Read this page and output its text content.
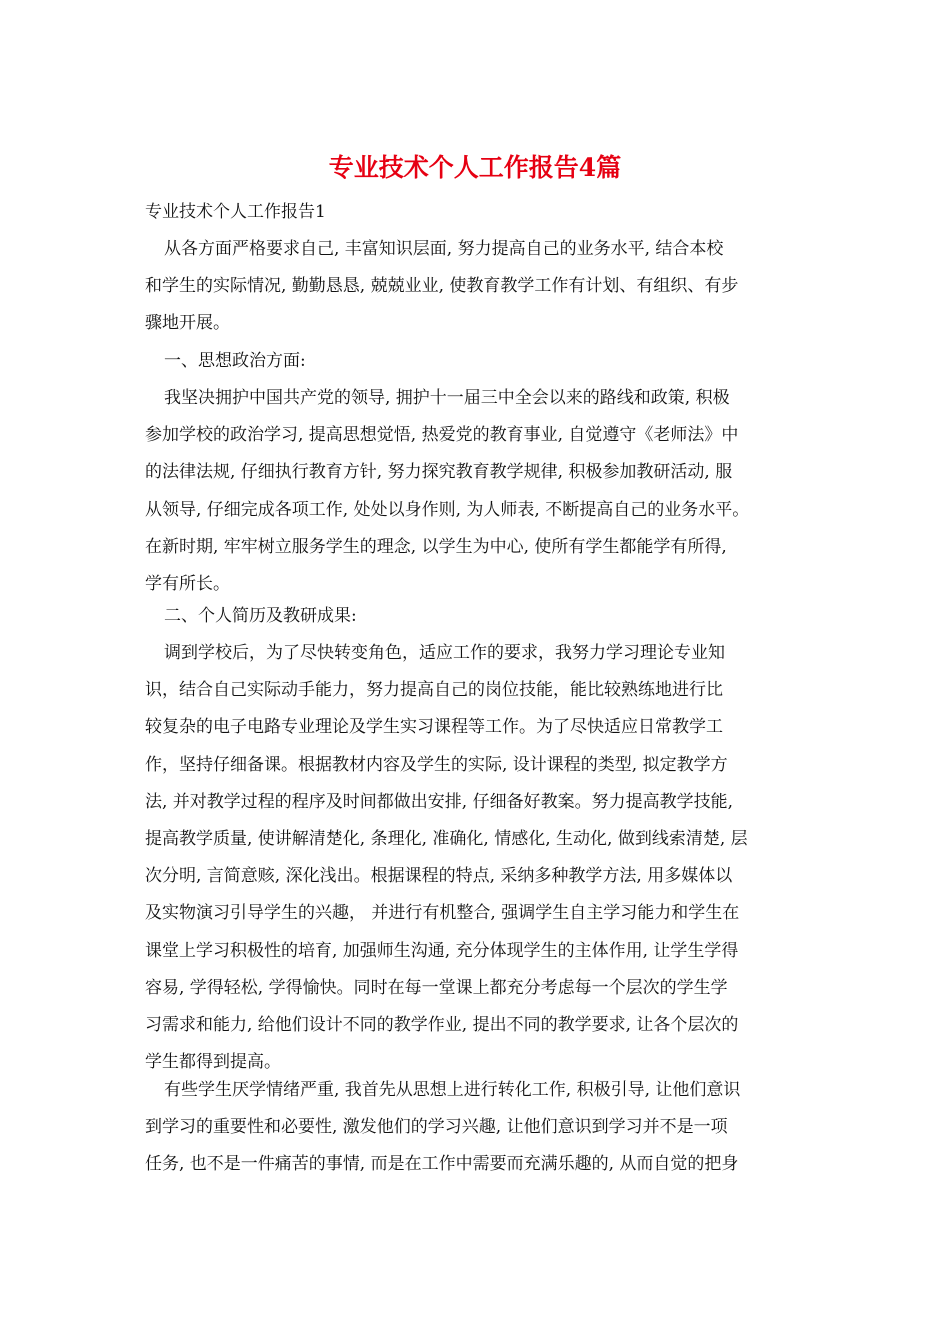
专业技术个人工作报告4篇
专业技术个人工作报告1
从各方面严格要求自己, 丰富知识层面, 努力提高自己的业务水平, 结合本校
和学生的实际情况, 勤勤恳恳, 兢兢业业, 使教育教学工作有计划、有组织、有步
骤地开展。
一、思想政治方面:
我坚决拥护中国共产党的领导, 拥护十一届三中全会以来的路线和政策, 积极
参加学校的政治学习, 提高思想觉悟, 热爱党的教育事业, 自觉遵守《老师法》中
的法律法规, 仔细执行教育方针, 努力探究教育教学规律, 积极参加教研活动, 服
从领导, 仔细完成各项工作, 处处以身作则, 为人师表, 不断提高自己的业务水平。
在新时期, 牢牢树立服务学生的理念, 以学生为中心, 使所有学生都能学有所得,
学有所长。
二、个人简历及教研成果:
调到学校后，为了尽快转变角色，适应工作的要求，我努力学习理论专业知
识，结合自己实际动手能力，努力提高自己的岗位技能，能比较熟练地进行比
较复杂的电子电路专业理论及学生实习课程等工作。为了尽快适应日常教学工
作，坚持仔细备课。根据教材内容及学生的实际, 设计课程的类型, 拟定教学方
法, 并对教学过程的程序及时间都做出安排, 仔细备好教案。努力提高教学技能,
提高教学质量, 使讲解清楚化, 条理化, 准确化, 情感化, 生动化, 做到线索清楚, 层
次分明, 言简意赅, 深化浅出。根据课程的特点, 采纳多种教学方法, 用多媒体以
及实物演习引导学生的兴趣， 并进行有机整合, 强调学生自主学习能力和学生在
课堂上学习积极性的培育, 加强师生沟通, 充分体现学生的主体作用, 让学生学得
容易, 学得轻松, 学得愉快。同时在每一堂课上都充分考虑每一个层次的学生学
习需求和能力, 给他们设计不同的教学作业, 提出不同的教学要求, 让各个层次的
学生都得到提高。
有些学生厌学情绪严重, 我首先从思想上进行转化工作, 积极引导, 让他们意识
到学习的重要性和必要性, 激发他们的学习兴趣, 让他们意识到学习并不是一项
任务, 也不是一件痛苦的事情, 而是在工作中需要而充满乐趣的, 从而自觉的把身
